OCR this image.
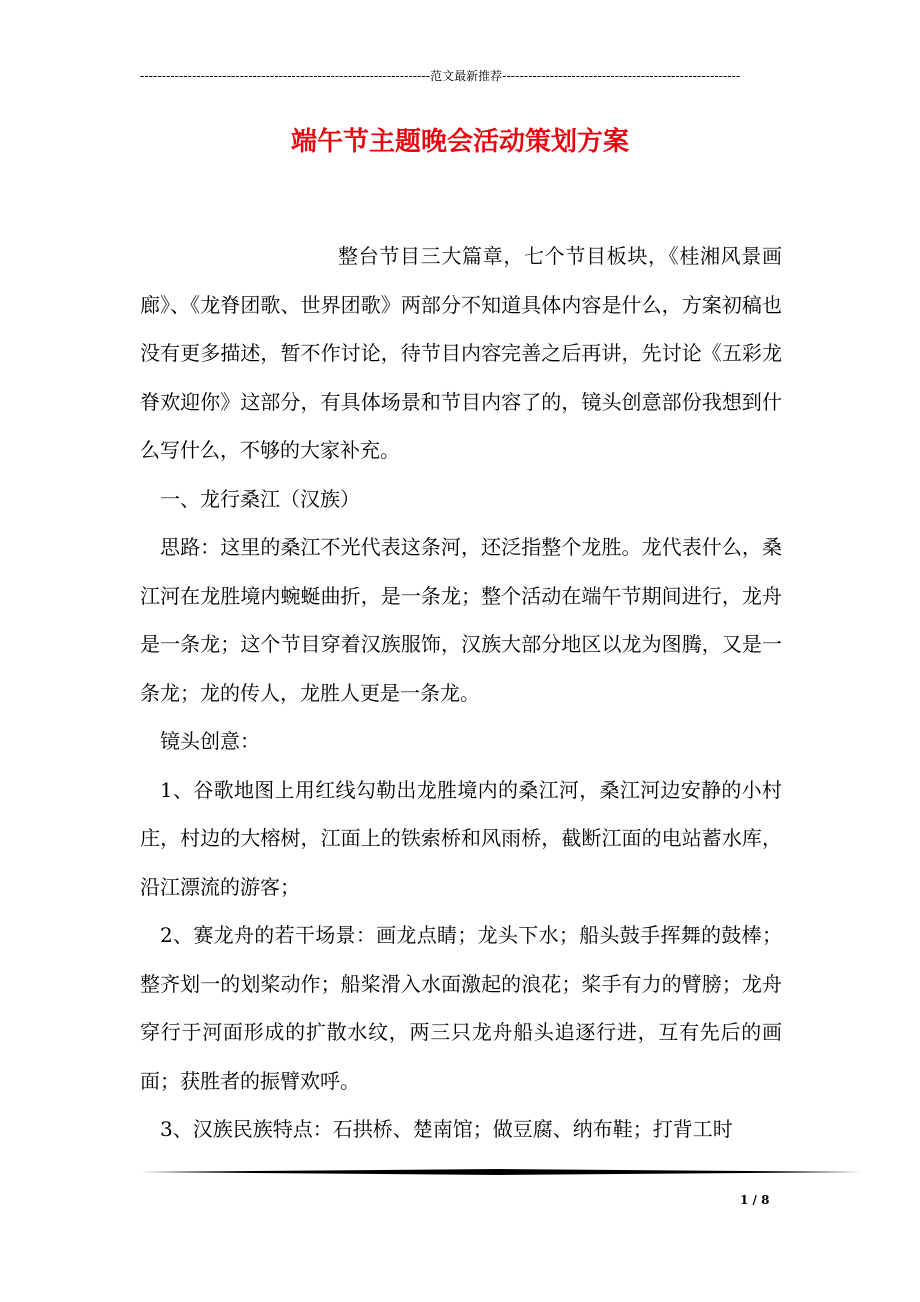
-------------------------------------------------------------------范文最新推荐-------------------------------------------------------
端午节主题晚会活动策划方案

整台节目三大篇章，七个节目板块，《桂湘风景画廊》、《龙脊团歌、世界团歌》两部分不知道具体内容是什么，方案初稿也没有更多描述，暂不作讨论，待节目内容完善之后再讲，先讨论《五彩龙脊欢迎你》这部分，有具体场景和节目内容了的，镜头创意部份我想到什么写什么，不够的大家补充。

一、龙行桑江（汉族）

思路：这里的桑江不光代表这条河，还泛指整个龙胜。龙代表什么，桑江河在龙胜境内蜿蜒曲折，是一条龙；整个活动在端午节期间进行，龙舟是一条龙；这个节目穿着汉族服饰，汉族大部分地区以龙为图腾，又是一条龙；龙的传人，龙胜人更是一条龙。

镜头创意：

1、谷歌地图上用红线勾勒出龙胜境内的桑江河，桑江河边安静的小村庄，村边的大榕树，江面上的铁索桥和风雨桥，截断江面的电站蓄水库，沿江漂流的游客；

2、赛龙舟的若干场景：画龙点睛；龙头下水；船头鼓手挥舞的鼓棒；整齐划一的划桨动作；船桨滑入水面激起的浪花；桨手有力的臂膀；龙舟穿行于河面形成的扩散水纹，两三只龙舟船头追逐行进，互有先后的画面；获胜者的振臂欢呼。

3、汉族民族特点：石拱桥、楚南馆；做豆腐、纳布鞋；打背工时

1 / 8
